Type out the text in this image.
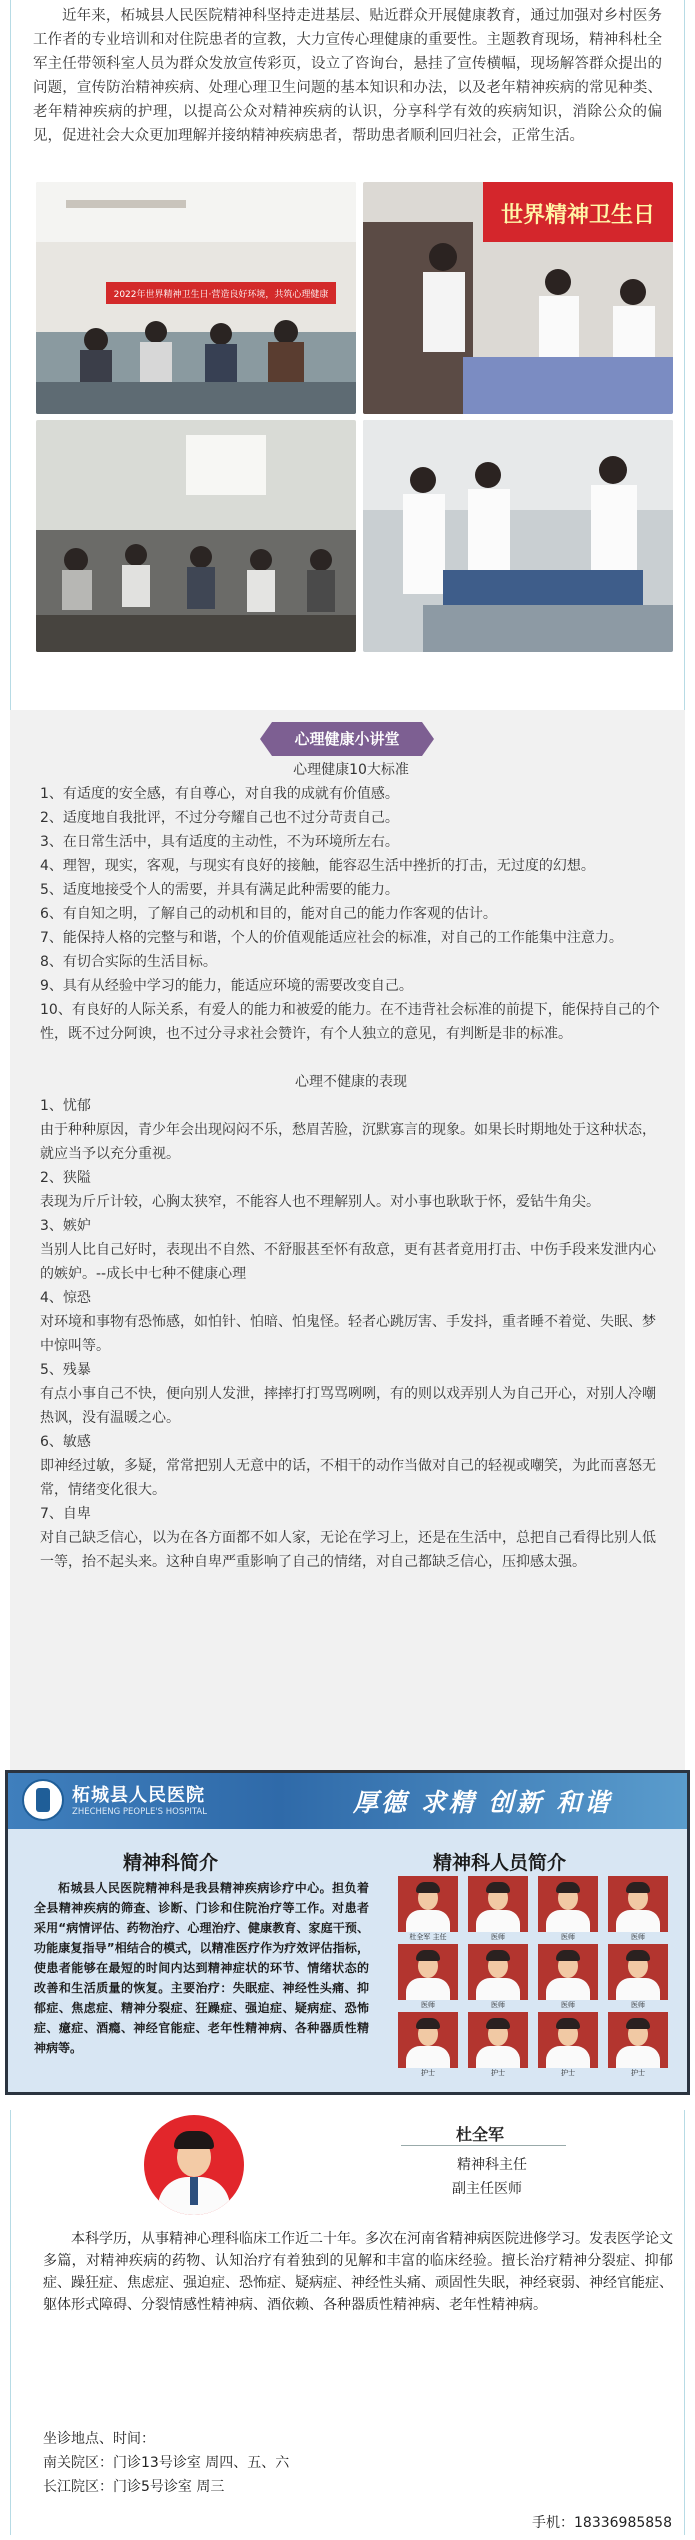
近年来，柘城县人民医院精神科坚持走进基层、贴近群众开展健康教育，通过加强对乡村医务工作者的专业培训和对住院患者的宣教，大力宣传心理健康的重要性。主题教育现场，精神科杜全军主任带领科室人员为群众发放宣传彩页，设立了咨询台，悬挂了宣传横幅，现场解答群众提出的问题，宣传防治精神疾病、处理心理卫生问题的基本知识和办法，以及老年精神疾病的常见种类、老年精神疾病的护理，以提高公众对精神疾病的认识，分享科学有效的疾病知识，消除公众的偏见，促进社会大众更加理解并接纳精神疾病患者，帮助患者顺利回归社会，正常生活。

2022年世界精神卫生日·营造良好环境，共筑心理健康
世界精神卫生日
心理健康小讲堂

心理健康10大标准

1、有适度的安全感，有自尊心，对自我的成就有价值感。

2、适度地自我批评，不过分夸耀自己也不过分苛责自己。

3、在日常生活中，具有适度的主动性，不为环境所左右。

4、理智，现实，客观，与现实有良好的接触，能容忍生活中挫折的打击，无过度的幻想。

5、适度地接受个人的需要，并具有满足此种需要的能力。

6、有自知之明，了解自己的动机和目的，能对自己的能力作客观的估计。

7、能保持人格的完整与和谐，个人的价值观能适应社会的标准，对自己的工作能集中注意力。

8、有切合实际的生活目标。

9、具有从经验中学习的能力，能适应环境的需要改变自己。

10、有良好的人际关系，有爱人的能力和被爱的能力。在不违背社会标准的前提下，能保持自己的个性，既不过分阿谀，也不过分寻求社会赞许，有个人独立的意见，有判断是非的标准。

心理不健康的表现

1、忧郁

由于种种原因，青少年会出现闷闷不乐，愁眉苦脸，沉默寡言的现象。如果长时期地处于这种状态，就应当予以充分重视。

2、狭隘

表现为斤斤计较，心胸太狭窄，不能容人也不理解别人。对小事也耿耿于怀，爱钻牛角尖。

3、嫉妒

当别人比自己好时，表现出不自然、不舒服甚至怀有敌意，更有甚者竟用打击、中伤手段来发泄内心的嫉妒。--成长中七种不健康心理

4、惊恐

对环境和事物有恐怖感，如怕针、怕暗、怕鬼怪。轻者心跳厉害、手发抖，重者睡不着觉、失眠、梦中惊叫等。

5、残暴

有点小事自己不快，便向别人发泄，摔摔打打骂骂咧咧，有的则以戏弄别人为自己开心，对别人冷嘲热讽，没有温暖之心。

6、敏感

即神经过敏，多疑，常常把别人无意中的话，不相干的动作当做对自己的轻视或嘲笑，为此而喜怒无常，情绪变化很大。

7、自卑

对自己缺乏信心，以为在各方面都不如人家，无论在学习上，还是在生活中，总把自己看得比别人低一等，抬不起头来。这种自卑严重影响了自己的情绪，对自己都缺乏信心，压抑感太强。

柘城县人民医院
ZHECHENG PEOPLE'S HOSPITAL	厚德 求精 创新 和谐
精神科简介
柘城县人民医院精神科是我县精神疾病诊疗中心。担负着全县精神疾病的筛查、诊断、门诊和住院治疗等工作。对患者采用“病情评估、药物治疗、心理治疗、健康教育、家庭干预、功能康复指导”相结合的模式，以精准医疗作为疗效评估指标，使患者能够在最短的时间内达到精神症状的环节、情绪状态的改善和生活质量的恢复。主要治疗：失眠症、神经性头痛、抑郁症、焦虑症、精神分裂症、狂躁症、强迫症、疑病症、恐怖症、癔症、酒瘾、神经官能症、老年性精神病、各种器质性精神病等。
精神科人员简介
杜全军 主任	医师	医师	医师
医师	医师	医师	医师
护士	护士	护士	护士
杜全军
精神科主任
副主任医师
本科学历，从事精神心理科临床工作近二十年。多次在河南省精神病医院进修学习。发表医学论文多篇，对精神疾病的药物、认知治疗有着独到的见解和丰富的临床经验。擅长治疗精神分裂症、抑郁症、躁狂症、焦虑症、强迫症、恐怖症、疑病症、神经性头痛、顽固性失眠，神经衰弱、神经官能症、躯体形式障碍、分裂情感性精神病、酒依赖、各种器质性精神病、老年性精神病。
坐诊地点、时间：
南关院区：门诊13号诊室 周四、五、六
长江院区：门诊5号诊室 周三
手机：18336985858
